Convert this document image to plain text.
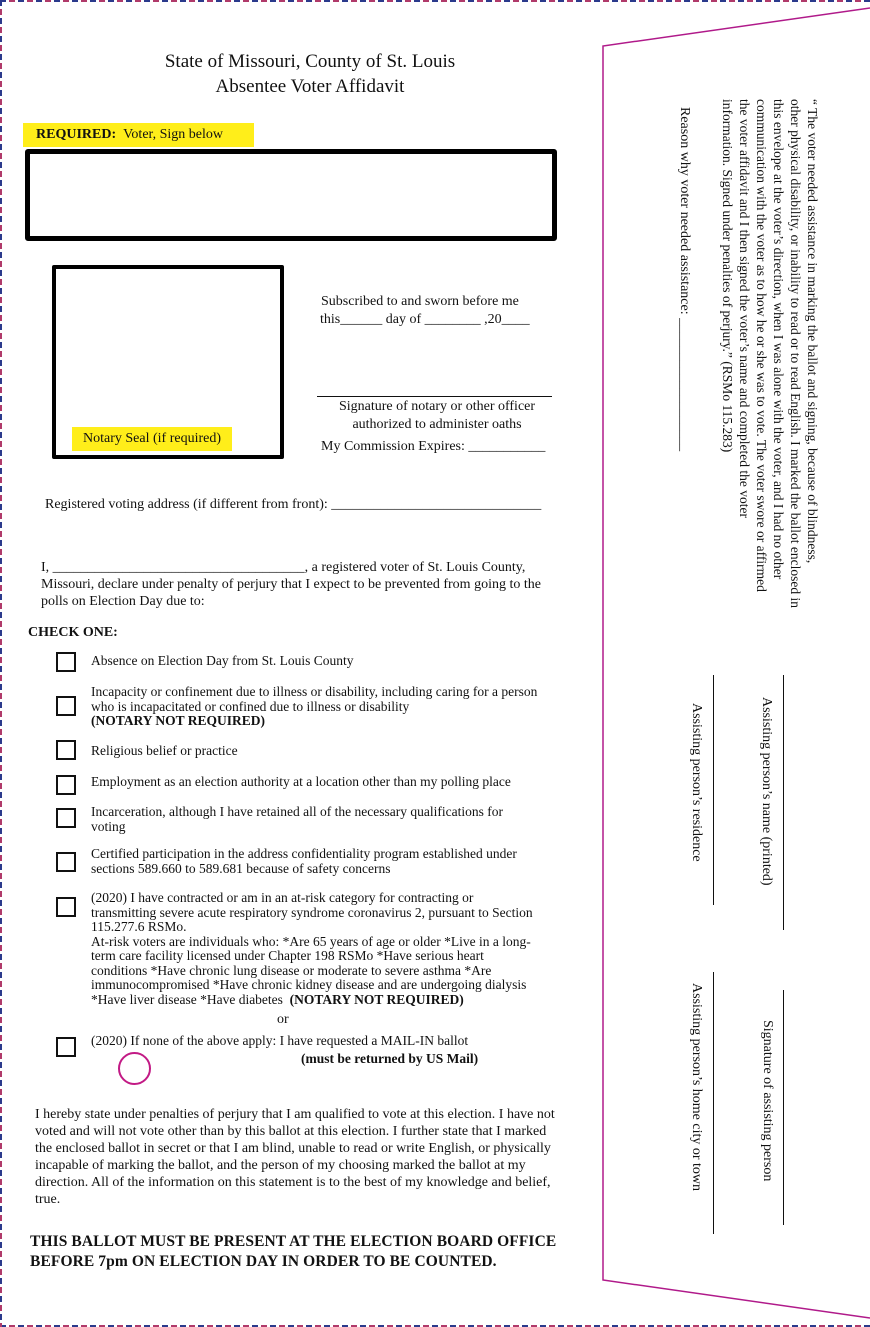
State of Missouri, County of St. Louis
Absentee Voter Affidavit
REQUIRED: Voter, Sign below
Notary Seal (if required)
Subscribed to and sworn before me
this______ day of ________ ,20____
Signature of notary or other officer
authorized to administer oaths
My Commission Expires: ___________
Registered voting address (if different from front): ______________________________
I, ____________________________________, a registered voter of St. Louis County,
Missouri, declare under penalty of perjury that I expect to be prevented from going to the
polls on Election Day due to:
CHECK ONE:
Absence on Election Day from St. Louis County
Incapacity or confinement due to illness or disability, including caring for a person
who is incapacitated or confined due to illness or disability
(NOTARY NOT REQUIRED)
Religious belief or practice
Employment as an election authority at a location other than my polling place
Incarceration, although I have retained all of the necessary qualifications for
voting
Certified participation in the address confidentiality program established under
sections 589.660 to 589.681 because of safety concerns
(2020) I have contracted or am in an at-risk category for contracting or
transmitting severe acute respiratory syndrome coronavirus 2, pursuant to Section
115.277.6 RSMo.
At-risk voters are individuals who: *Are 65 years of age or older *Live in a long-
term care facility licensed under Chapter 198 RSMo *Have serious heart
conditions *Have chronic lung disease or moderate to severe asthma *Are
immunocompromised *Have chronic kidney disease and are undergoing dialysis
*Have liver disease *Have diabetes (NOTARY NOT REQUIRED)
or
(2020) If none of the above apply: I have requested a MAIL-IN ballot
(must be returned by US Mail)
I hereby state under penalties of perjury that I am qualified to vote at this election. I have not
voted and will not vote other than by this ballot at this election. I further state that I marked
the enclosed ballot in secret or that I am blind, unable to read or write English, or physically
incapable of marking the ballot, and the person of my choosing marked the ballot at my
direction. All of the information on this statement is to the best of my knowledge and belief,
true.
THIS BALLOT MUST BE PRESENT AT THE ELECTION BOARD OFFICE
BEFORE 7pm ON ELECTION DAY IN ORDER TO BE COUNTED.
“ The voter needed assistance in marking the ballot and signing, because of blindness,
other physical disability, or inability to read or to read English. I marked the ballot enclosed in
this envelope at the voter’s direction, when I was alone with the voter, and I had no other
communication with the voter as to how he or she was to vote. The voter swore or affirmed
the voter affidavit and I then signed the voter’s name and completed the voter
information. Signed under penalties of perjury.” (RSMo 115.283)
Reason why voter needed assistance: ___________________
Assisting person’s name (printed)
Assisting person’s residence
Signature of assisting person
Assisting person’s home city or town
